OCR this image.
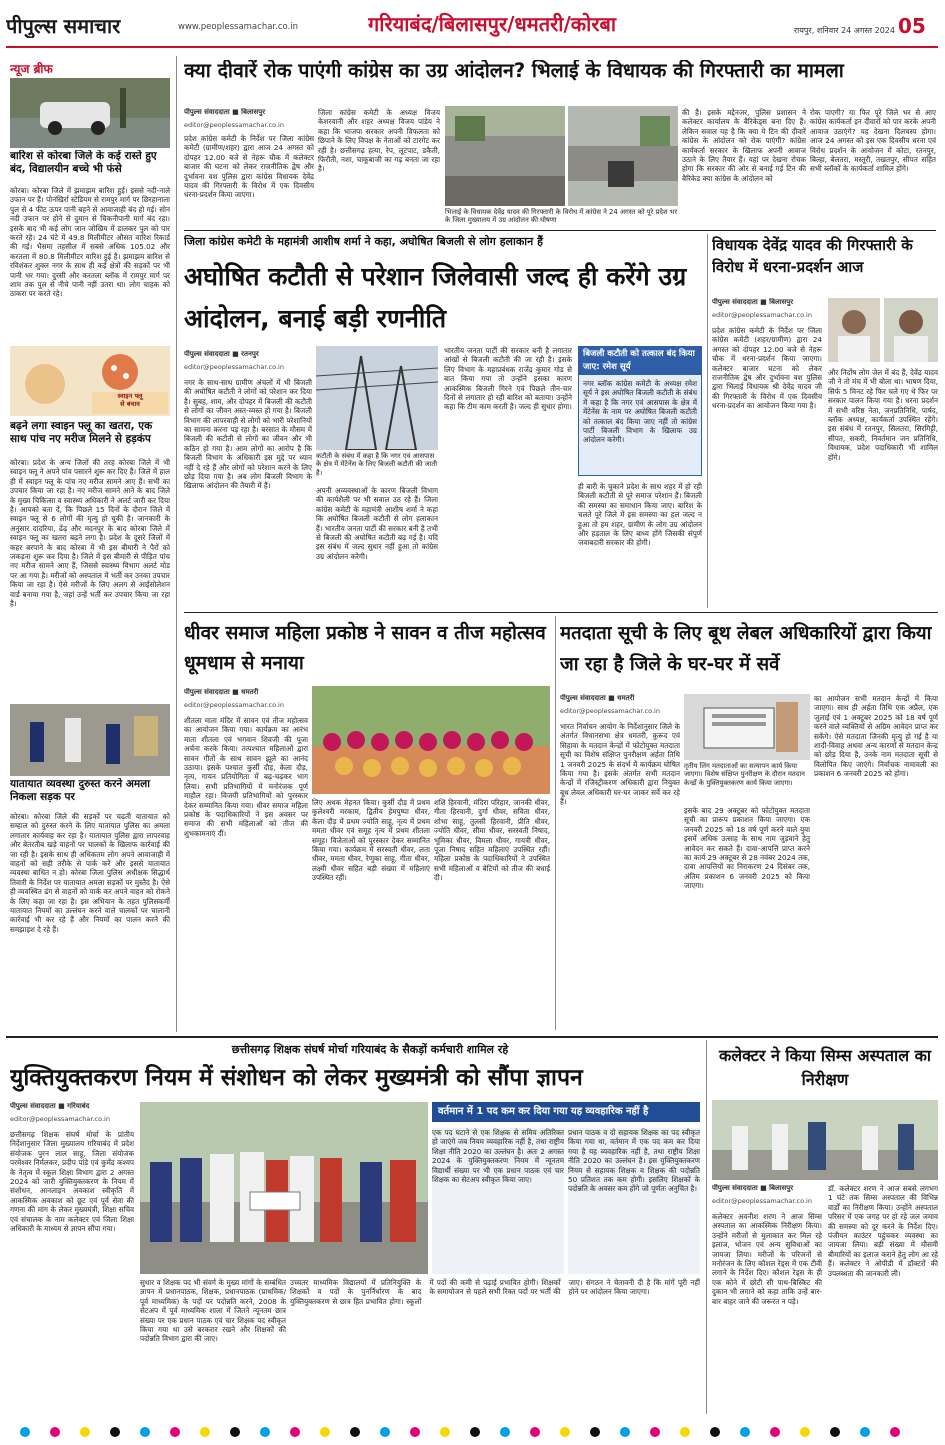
पीपुल्स समाचार	www.peoplessamachar.co.in	गरियाबंद/बिलासपुर/धमतरी/कोरबा	रायपुर, शनिवार 24 अगस्त 2024 05
न्यूज ब्रीफ
बारिश से कोरबा जिले के कई रास्ते हुए बंद, विद्यालयीन बच्चे भी फंसे
कोरबा। कोरबा जिले में झमाझम बारिश हुई। इससे नदी-नाले उफान पर हैं। पोनखिर्रा स्टेडियम से रामपुर मार्ग पर छिरहानाला पुल से 4 फीट ऊपर पानी बहने से आवाजाही बंद हो गई। सोन नदी उफान पर होने से दुमान से चिकनीपानी मार्ग बंद रहा। इसके बाद भी कई लोग जान जोखिम में डालकर पुल को पार करते रहे। 24 घंटे में 49.8 मिलीमीटर औसत वारिश रिकार्ड की गई। भैसमा तहसील में सबसे अधिक 105.02 और करतला में 80.8 मिलीमीटर वारिश हुई है। झमाझम बारिश से रविशंकर शुक्ल नगर के साथ ही कई क्षेत्रों की सड़कों पर भी पानी भर गया। दुरसी और करतला ब्लॉक में रामपुर मार्ग पर शाम तक पुल से नीचे पानी नहीं उतरा था। लोग चाहक को ठाकरा पर करते रहे।
स्वाइन फ्लू
से बचाव
बढ़ने लगा स्वाइन फ्लू का खतरा, एक साथ पांच नए मरीज मिलने से हड़कंप
कोरबा। प्रदेश के अन्य जिलों की तरह कोरबा जिले में भी स्वाइन फ्लू ने अपने पांव पसारने शुरू कर दिए हैं। जिले में हाल ही में स्वाइन फ्लू के पांच नए मरीज सामने आए हैं। सभी का उपचार किया जा रहा है। नए मरीज सामने आने के बाद जिले के मुख्य चिकित्सा व स्वास्थ्य अधिकारी ने अलर्ट जारी कर दिया है। आपको बता दें, कि पिछले 15 दिनों के दौरान जिले में स्वाइन फ्लू से 6 लोगों की मृत्यु हो चुकी है। जानकारी के अनुसार दादरिया, ढेंढ़ और मदनपुर के बाद कोरबा जिले में स्वाइन फ्लू का खतरा बढ़ने लगा है। प्रदेश के दूसरे जिलों में कहर बरपाने के बाद कोरबा में भी इस बीमारी ने पैरों को जकड़ना शुरू कर दिया है। जिले में इस बीमारी से पीड़ित पांच नए मरीज सामने आए हैं, जिससे स्वास्थ्य विभाग अलर्ट मोड पर आ गया है। मरीजों को अस्पताल में भर्ती कर उनका उपचार किया जा रहा है। ऐसे मरीजों के लिए अलग से आईसोलेशन वार्ड बनाया गया है, जहां उन्हें भर्ती कर उपचार किया जा रहा है।
यातायात व्यवस्था दुरुस्त करने अमला निकला सड़क पर
कोरबा। कोरबा जिले की सड़कों पर चढ़ती यातायात को सम्हाल को दुरुस्त करने के लिए यातायात पुलिस का अमला लगातार कार्यवाह कर रहा है। यातायात पुलिस द्वारा लापरवाह और बेतरतीब खड़े वाहनों पर चालकों के खिलाफ कार्रवाई की जा रही है। इसके साथ ही अधिकतम लोग अपने आवाजाही में वाहनों को सही तरीके से पार्क करें और इससे यातायात व्यवस्था बाधित न हो। कोरबा जिला पुलिस अधीक्षक सिद्धार्थ तिवारी के निर्देश पर यातायात अमला सड़कों पर मुस्तैद है। ऐसे ही व्यवस्थित ढंग से वाहनों को पार्क कर अपने वाहन को रोकने के लिए कहा जा रहा है। इस अभियान के तहत पुलिसकर्मी यातायात नियमों का उल्लंघन करने वाले चालकों पर चालानी कार्रवाई भी कर रहे हैं और नियमों का पालन करने की समझाइश दे रहे हैं।
क्या दीवारें रोक पाएंगी कांग्रेस का उग्र आंदोलन? भिलाई के विधायक की गिरफ्तारी का मामला
पीपुल्स संवाददाता ■ बिलासपुर
editor@peoplessamachar.co.in
प्रदेश कांग्रेस कमेटी के निर्देश पर जिला कांग्रेस कमेटी (ग्रामीण/शहर) द्वारा आज 24 अगस्त को दोपहर 12.00 बजे से नेहरू चौक में कलेक्टर बाजार की घटना को लेकर राजनीतिक द्वेष और दुर्भावना वश पुलिस द्वारा कांग्रेस विधायक देवेंद्र यादव की गिरफ्तारी के विरोध में एक दिवसीय धरना-प्रदर्शन किया जाएगा।
जिला कांग्रेस कमेटी के अध्यक्ष विजय केशरवानी और शहर अध्यक्ष विजय पांडेय ने कहा कि भाजपा सरकार अपनी विफलता को छिपाने के लिए विपक्ष के नेताओं को टारगेट कर रही है। छत्तीसगढ़ हत्या, रेप, लूटपाट, डकैती, फिरौती, नशा, चाकूबाजी का गढ़ बनता जा रहा है।
भिलाई के विधायक देवेंद्र यादव की गिरफ्तारी के विरोध में कांग्रेस ने 24 अगस्त को पूरे प्रदेश भर के जिला मुख्यालय में उग्र आंदोलन की घोषणा
की है। इसके मद्देनजर, पुलिस प्रशासन ने कलेक्टर कार्यालय के बैरिकेड्स बना दिए हैं। लेकिन सवाल यह है कि क्या ये टिन की दीवारें कांग्रेस के आंदोलन को रोक पाएंगी? कांग्रेस कार्यकर्ता सरकार के खिलाफ अपनी आवाज उठाने के लिए तैयार हैं। यहां पर देखना रोचक होगा कि सरकार की ओर से बनाई गई टिन की बैरिकेड क्या कांग्रेस के आंदोलन को
रोक पाएगी? या फिर पूरे जिले भर से आए कांग्रेस कार्यकर्ता इन दीवारों को पार करके अपनी आवाज उठाएंगे? यह देखना दिलचस्प होगा। आज 24 अगस्त को इस एक दिवसीय धरना एवं विरोध प्रदर्शन के आयोजन में कोटा, रतनपुर, बिल्हा, बेलतरा, मस्तूरी, तखतपुर, सीपत सहित सभी ब्लॉकों के कार्यकर्ता शामिल होंगे।
जिला कांग्रेस कमेटी के महामंत्री आशीष शर्मा ने कहा, अघोषित बिजली से लोग हलाकान हैं
अघोषित कटौती से परेशान जिलेवासी जल्द ही करेंगे उग्र आंदोलन, बनाई बड़ी रणनीति
पीपुल्स संवाददाता ■ रतनपुर
editor@peoplessamachar.co.in
नगर के साथ-साथ ग्रामीण अंचलों में भी बिजली की अघोषित कटौती ने लोगों को परेशान कर दिया है। सुबह, शाम, और दोपहर में बिजली की कटौती से लोगों का जीवन अस्त-व्यस्त हो गया है। बिजली विभाग की लापरवाही से लोगों को भारी परेशानियों का सामना करना पड़ रहा है। बरसात के मौसम में बिजली की कटौती से लोगों का जीवन और भी कठिन हो गया है। आम लोगों का आरोप है कि बिजली विभाग के अधिकारी इस मुद्दे पर ध्यान नहीं दे रहे हैं और लोगों को परेशान करने के लिए छोड़ दिया गया है। अब लोग बिजली विभाग के खिलाफ आंदोलन की तैयारी में हैं।
कटौती के संबंध में कहा है कि नगर एवं आसपास के क्षेत्र में मेंटेनेंस के लिए बिजली कटौती की जाती है।
अपनी अव्यवस्थाओं के कारण बिजली विभाग की कार्यशैली पर भी सवाल उठ रहे हैं। जिला कांग्रेस कमेटी के महामंत्री आशीष शर्मा ने कहा कि अघोषित बिजली कटौती से लोग हलाकान हैं। भारतीय जनता पार्टी की सरकार बनी है तभी से बिजली की अघोषित कटौती बढ़ गई है। यदि इस संबंध में जल्द सुधार नहीं हुआ तो कांग्रेस उग्र आंदोलन करेगी।
भारतीय जनता पार्टी की सरकार बनी है लगातार आंखों से बिजली कटौती की जा रही है। इसके लिए विभाग के महाप्रबंधक राजेंद्र कुमार गोड से बात किया गया तो उन्होंने इसका कारण आकस्मिक बिजली गिरने एवं पिछले तीन-चार दिनों से लगातार हो रही बारिश को बताया। उन्होंने कहा कि टीम काम करती है। जल्द ही सुधार होगा।
बिजली कटौती को तत्काल बंद किया जाए: रमेश सूर्य
नगर ब्लॉक कांग्रेस कमेटी के अध्यक्ष रमेश सूर्य ने इस अघोषित बिजली कटौती के संबंध में कहा है कि नगर एवं आसपास के क्षेत्र में मेंटेनेंस के नाम पर अघोषित बिजली कटौती को तत्काल बंद किया जाए नहीं तो कांग्रेस पार्टी बिजली विभाग के खिलाफ उग्र आंदोलन करेगी।
ही बारी के चुकाने प्रदेश के साथ शहर में हो रही बिजली कटौती से पूरे समाज परेशान हैं। बिजली की समस्या का समाधान किया जाए। बारिश के चलते पूरे जिले में इस समस्या का हल जल्द न हुआ तो हम शहर, ग्रामीण के लोग उग्र आंदोलन और हड़ताल के लिए बाध्य होंगे जिसकी संपूर्ण जवाबदारी सरकार की होगी।
विधायक देवेंद्र यादव की गिरफ्तारी के विरोध में धरना-प्रदर्शन आज
पीपुल्स संवाददाता ■ बिलासपुर
editor@peoplessamachar.co.in
प्रदेश कांग्रेस कमेटी के निर्देश पर जिला कांग्रेस कमेटी (शहर/ग्रामीण) द्वारा 24 अगस्त को दोपहर 12.00 बजे से नेहरू चौक में धरना-प्रदर्शन किया जाएगा। कलेक्टर बाजार घटना को लेकर राजनीतिक द्वेष और दुर्भावना वश पुलिस द्वारा भिलाई विधायक श्री देवेंद्र यादव जी की गिरफ्तारी के विरोध में एक दिवसीय धरना-प्रदर्शन का आयोजन किया गया है।
और निर्दोष लोग जेल में बंद हैं, देवेंद्र यादव जी ने तो मंच में भी बोला था। भाषण दिया, सिर्फ 5 मिनट रहे फिर चले गए थे फिर पर सरकार पालन किया गया है। धरना प्रदर्शन में सभी वरिष्ठ नेता, जनप्रतिनिधि, पार्षद, ब्लॉक अध्यक्ष, कार्यकर्ता उपस्थित रहेंगे। इस संबंध में रतनपुर, सिलतरा, सिरगिट्टी, सीपत, सकरी, निवर्तमान जन प्रतिनिधि, विधायक, प्रदेश पदाधिकारी भी शामिल होंगे।
धीवर समाज महिला प्रकोष्ठ ने सावन व तीज महोत्सव धूमधाम से मनाया
पीपुल्स संवाददाता ■ धमतरी
editor@peoplessamachar.co.in
शीतला माता मंदिर में सावन एवं तीज महोत्सव का आयोजन किया गया। कार्यक्रम का आरंभ माता शीतला एवं भगवान शिवजी की पूजा अर्चना करके किया। तत्पश्चात महिलाओं द्वारा सावन गीतों के साथ सावन झूले का आनंद उठाया। इसके पश्चात कुर्सी दौड़, केला दौड़, नृत्य, गायन प्रतियोगिता में बढ़-चढ़कर भाग लिया। सभी प्रतिभागियों में मनोरंजक पूर्ण माहौल रहा। विजयी प्रतिभागियों को पुरस्कार देकर सम्मानित किया गया। धीवर समाज महिला प्रकोष्ठ के पदाधिकारियों ने इस अवसर पर समाज की सभी महिलाओं को तीज की शुभकामनाएं दीं।
लिए अथक मेहनत किया। कुर्सी दौड़ में प्रथम कुलेश्वरी मरकाम, द्वितीय हेमपुष्पा धीवर, केला दौड़ में प्रथम ज्योति साहू, नृत्य में प्रथम ममता धीवर एवं समूह नृत्य में प्रथम शीतला समूह। विजेताओं को पुरस्कार देकर सम्मानित किया गया। कार्यक्रम में सरस्वती धीवर, लता धीवर, ममता धीवर, रेणुका साहू, गीता धीवर, लक्ष्मी धीवर सहित बड़ी संख्या में महिलाएं उपस्थित रहीं।
शशि हिरवानी, मंदिरा परिहार, जानकी धीवर, गीता हिरवानी, दुर्गा धीवर, सविता धीवर, शोभा साहू, तुलसी हिरवानी, प्रीति धीवर, ज्योति धीवर, सीमा धीवर, सरस्वती निषाद, भूमिका धीवर, विमला धीवर, गायत्री धीवर, पूजा निषाद सहित महिलाएं उपस्थित रहीं। महिला प्रकोष्ठ के पदाधिकारियों ने उपस्थित सभी महिलाओं व बेटियों को तीज की बधाई दी।
मतदाता सूची के लिए बूथ लेबल अधिकारियों द्वारा किया जा रहा है जिले के घर-घर में सर्वे
पीपुल्स संवाददाता ■ धमतरी
editor@peoplessamachar.co.in
भारत निर्वाचन आयोग के निर्देशानुसार जिले के अंतर्गत विधानसभा क्षेत्र धमतरी, कुरूद एवं सिहावा के मतदान केन्द्रों में फोटोयुक्त मतदाता सूची का विशेष संक्षिप्त पुनरीक्षण अर्हता तिथि 1 जनवरी 2025 के संदर्भ में कार्यक्रम घोषित किया गया है। इसके अंतर्गत सभी मतदान केन्द्रों में रजिस्ट्रीकरण अधिकारी द्वारा नियुक्त बूथ लेवल अधिकारी घर-घर जाकर सर्वे कर रहे हैं।
तृतीय लिंग मतदाताओं का सत्यापन कार्य किया जाएगा। विशेष संक्षिप्त पुनरीक्षण के दौरान मतदान केन्द्रों के युक्तियुक्तकरण कार्य किया जाएगा।
इसके बाद 29 अक्टूबर को फोटोयुक्त मतदाता सूची का प्रारूप प्रकाशन किया जाएगा। एक जनवरी 2025 को 18 वर्ष पूर्ण करने वाले युवा इसमें अधिक उत्साह के साथ नाम जुड़वाने हेतु आवेदन कर सकते हैं। दावा-आपत्ति प्राप्त करने का कार्य 29 अक्टूबर से 28 नवंबर 2024 तक, दावा आपत्तियों का निराकरण 24 दिसंबर तक, अंतिम प्रकाशन 6 जनवरी 2025 को किया जाएगा।
का आयोजन सभी मतदान केन्द्रों में किया जाएगा। साथ ही अर्हता तिथि एक अप्रैल, एक जुलाई एवं 1 अक्टूबर 2025 को 18 वर्ष पूर्ण करने वाले व्यक्तियों से अग्रिम आवेदन प्राप्त कर सकेंगे। ऐसे मतदाता जिनकी मृत्यु हो गई है या शादी-विवाह अथवा अन्य कारणों से मतदान केन्द्र को छोड़ दिया है, उनके नाम मतदाता सूची से विलोपित किए जाएंगे। निर्वाचक नामावली का प्रकाशन 6 जनवरी 2025 को होगा।
छत्तीसगढ़ शिक्षक संघर्ष मोर्चा गरियाबंद के सैकड़ों कर्मचारी शामिल रहे
युक्तियुक्तकरण नियम में संशोधन को लेकर मुख्यमंत्री को सौंपा ज्ञापन
पीपुल्स संवाददाता ■ गरियाबंद
editor@peoplessamachar.co.in
छत्तीसगढ़ शिक्षक संघर्ष मोर्चा के प्रांतीय निर्देशानुसार जिला मुख्यालय गरियाबंद में प्रदेश संयोजक पुरन लाल साहू, जिला संयोजक परमेश्वर निर्मलकर, प्रदीप पांडे एवं कुमेंद्र कश्यप के नेतृत्व में स्कूल शिक्षा विभाग द्वारा 2 अगस्त 2024 को जारी युक्तियुक्तकरण के नियम में संशोधन, आनलाइन अवकाश स्वीकृति में आकस्मिक अवकाश को छूट एवं पूर्व सेवा की गणना की मांग के लेकर मुख्यमंत्री, शिक्षा सचिव एवं संचालक के नाम कलेक्टर एवं जिला शिक्षा अधिकारी के माध्यम से ज्ञापन सौंपा गया।
सुधार व शिक्षक पद भी संवर्ग के मुख्य मांगों के सम्बंधित ज्ञापन में प्रधानपाठक, शिक्षक, प्रधानपाठक (प्राथमिक/पूर्व माध्यमिक) के पदों पर पदोन्नति करने, 2008 के सेटअप में पूर्व माध्यमिक शाला में जितने न्यूनतम छात्र संख्या पर एक प्रधान पाठक एवं चार शिक्षक पद स्वीकृत किया गया था उसे बरकरार रखने और शिक्षकों की पदोन्नति विभाग द्वारा की जाए।
वर्तमान में 1 पद कम कर दिया गया यह व्यवहारिक नहीं है
एक पद घटाने से एक शिक्षक से समिय अतिरिक्त हो जाएंगे जब नियम व्यवहारिक नहीं है, तथा राष्ट्रीय शिक्षा नीति 2020 का उल्लंघन है। अतः 2 अगस्त 2024 के युक्तियुक्तकरण नियम में न्यूनतम विद्यार्थी संख्या पर भी एक प्रधान पाठक एवं चार शिक्षक का सेटअप स्वीकृत किया जाए।
प्रधान पाठक व दो सहायक शिक्षक का पद स्वीकृत किया गया था, वर्तमान में एक पद कम कर दिया गया है यह व्यवहारिक नहीं है, तथा राष्ट्रीय शिक्षा नीति 2020 का उल्लंघन है। इस युक्तियुक्तकरण नियम से सहायक शिक्षक व शिक्षक की पदोन्नति 50 प्रतिशत तक कम होगी। इसलिए शिक्षकों के पदोन्नति के अवसर कम होंगे जो पूर्णतः अनुचित है।
उच्चतर माध्यमिक विद्यालयों में प्रतिनियुक्ति के शिक्षकों व पदों के पुनर्निर्धारण के बाद युक्तियुक्तकरण से छात्र हित प्रभावित होगा। स्कूलों में पदों की कमी से पढ़ाई प्रभावित होगी। शिक्षकों के समायोजन से पहले सभी रिक्त पदों पर भर्ती की जाए। संगठन ने चेतावनी दी है कि मांगें पूरी नहीं होने पर आंदोलन किया जाएगा।
कलेक्टर ने किया सिम्स अस्पताल का निरीक्षण
पीपुल्स संवाददाता ■ बिलासपुर
editor@peoplessamachar.co.in
कलेक्टर अवनीश शरण ने आज सिम्स अस्पताल का आकस्मिक निरीक्षण किया। उन्होंने मरीजों से मुलाकात कर मिल रहे इलाज, भोजन एवं अन्य सुविधाओं का जायजा लिया। मरीजों के परिजनों से मनोरंजन के लिए कौशल रेड्स में एक टीवी लगाने के निर्देश दिए। कौशल रेड्स के ही एक कोने में छोटी सी पाथ-बिस्किट की दुकान भी लगाने को कहा ताकि उन्हें बार-बार बाहर जाने की जरूरत न पड़े।
डॉ. कलेक्टर शरण ने आज सबसे लगभग 1 घंटे तक सिम्स अस्पताल की विभिन्न वार्डों का निरीक्षण किया। उन्होंने अस्पताल परिसर में एक जगह पर हो रहे जल जमाव की समस्या को दूर करने के निर्देश दिए। पंजीयन काउंटर पहुंचकर व्यवस्था का जायजा लिया। बड़ी संख्या में मौसमी बीमारियों का इलाज कराने हेतु लोग आ रहे हैं। कलेक्टर ने ओपीडी में डॉक्टरों की उपलब्धता की जानकारी ली।
